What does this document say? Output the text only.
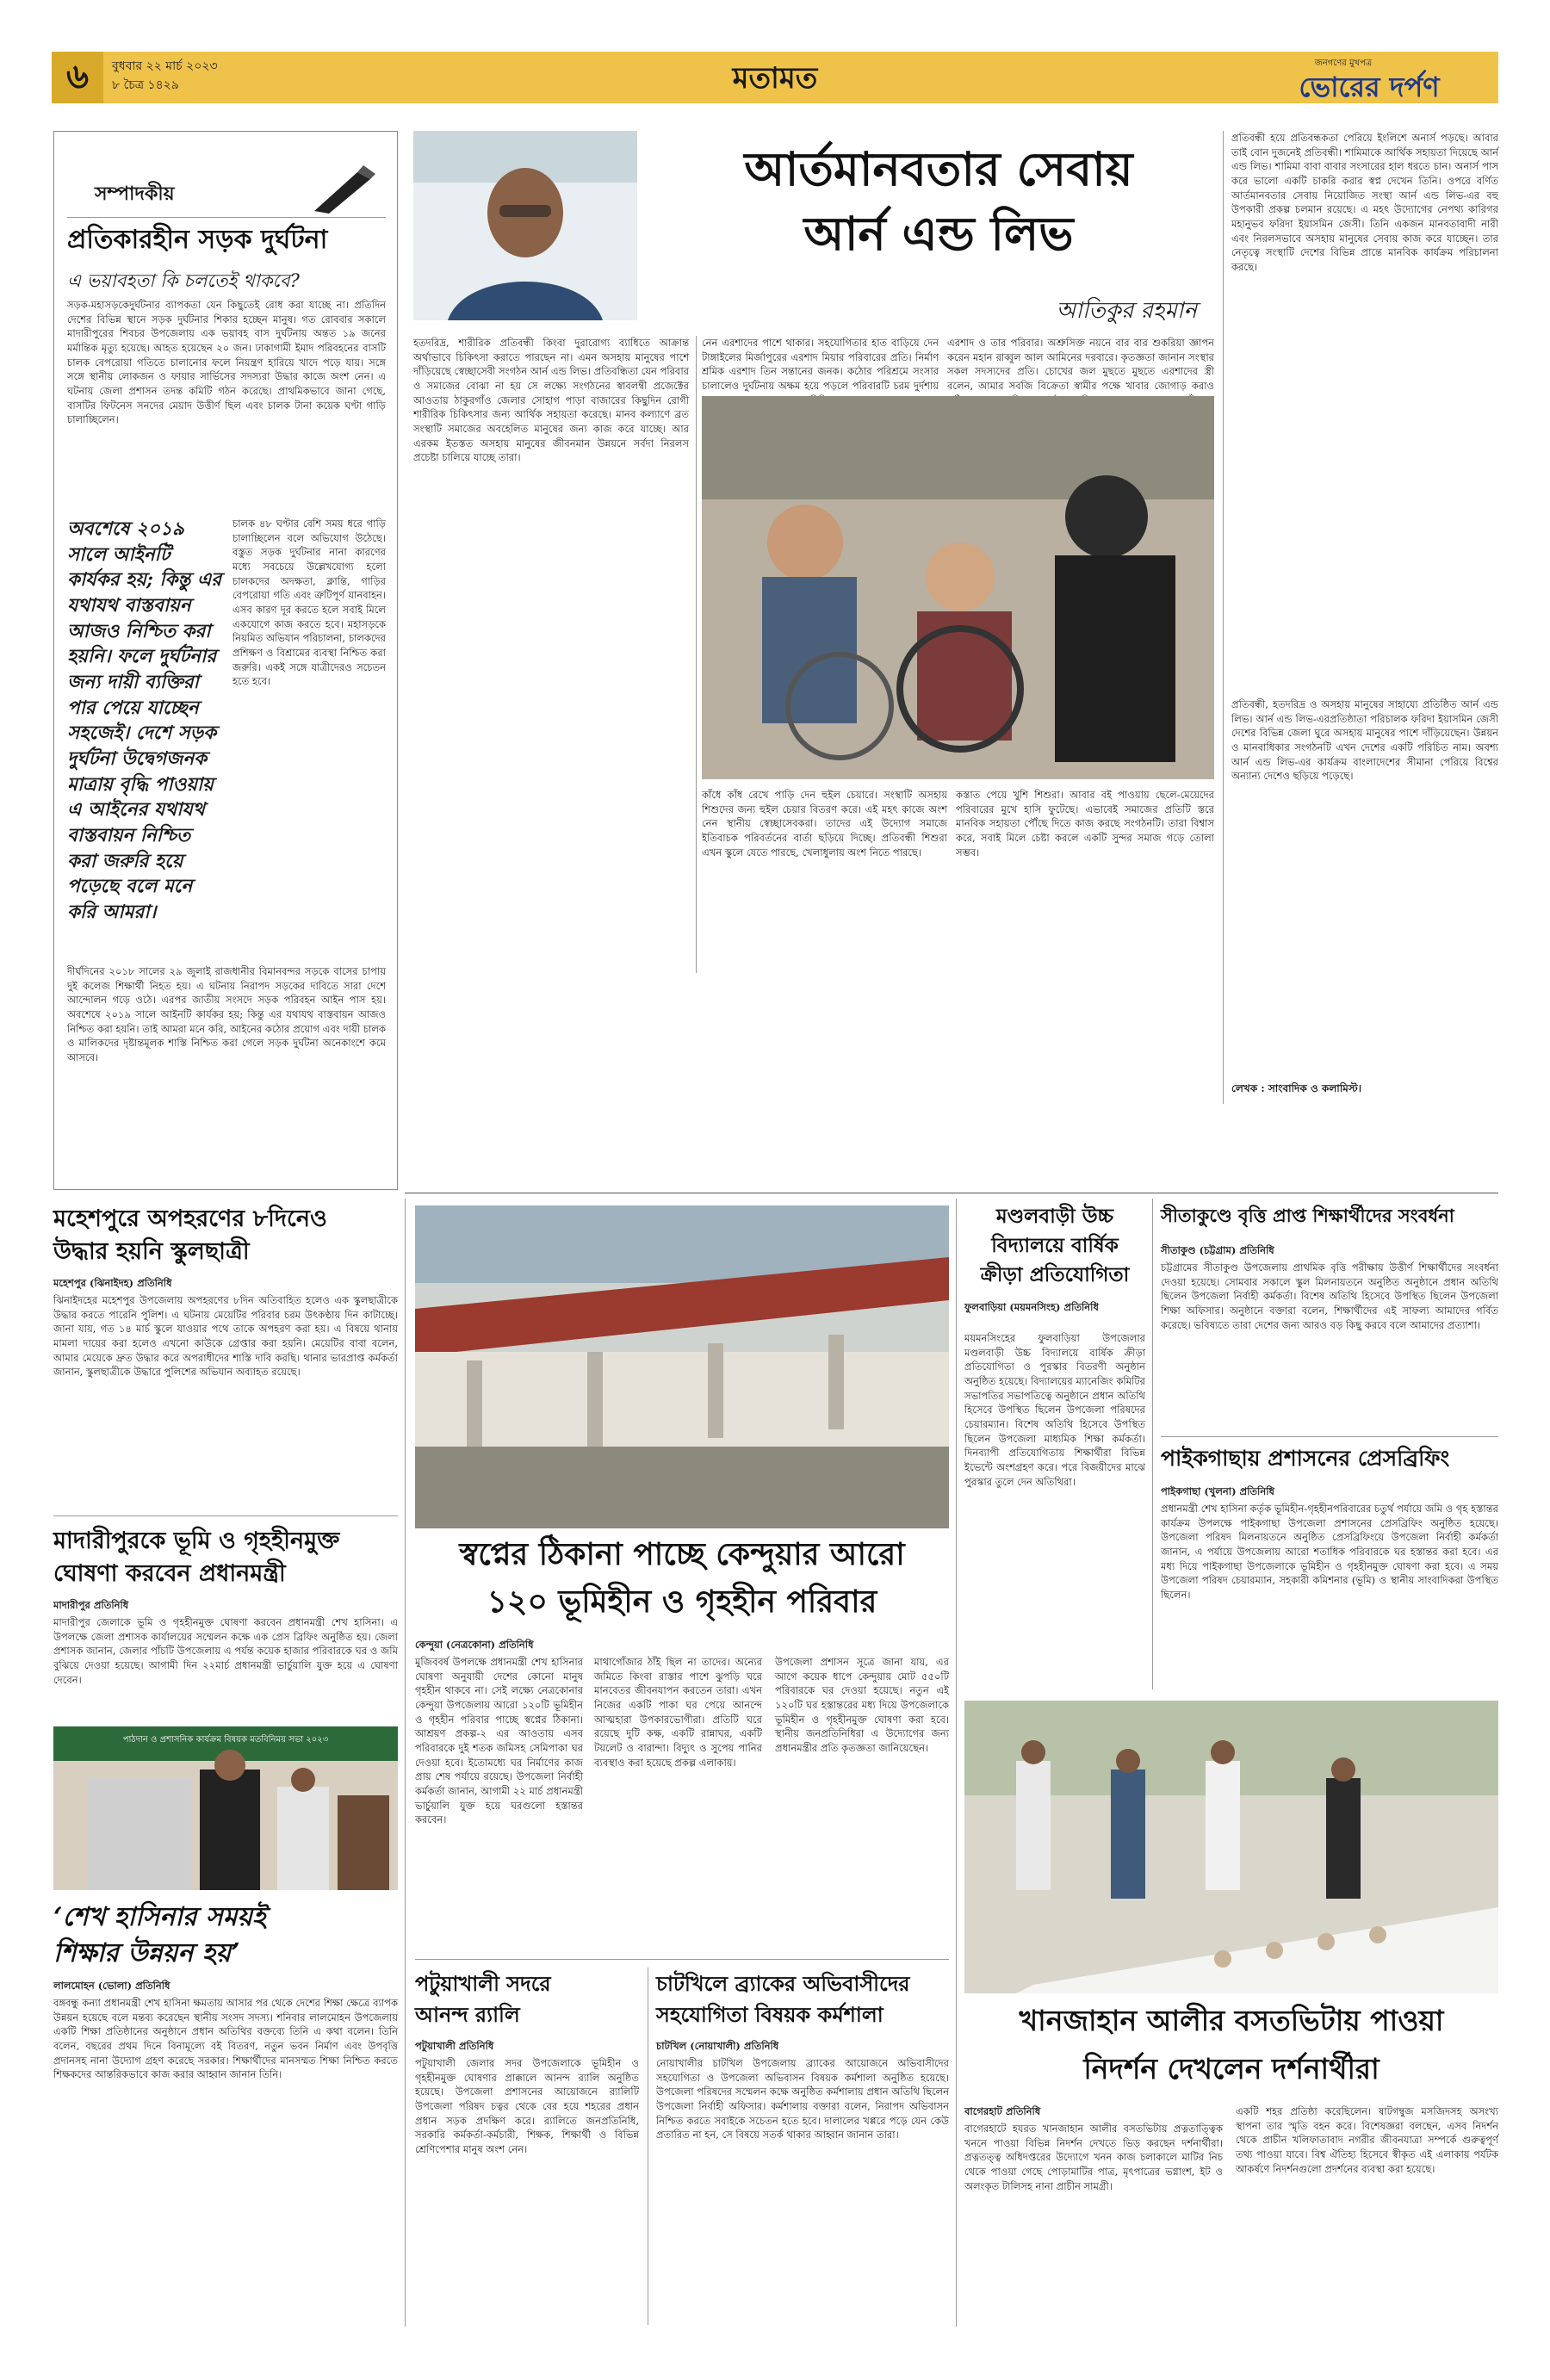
৬ বুধবার ২২ মার্চ ২০২৩
৮ চৈত্র ১৪২৯	মতামত	জনগণের মুখপত্র
ভোরের দর্পণ
সম্পাদকীয়
প্রতিকারহীন সড়ক দুর্ঘটনা
এ ভয়াবহতা কি চলতেই থাকবে?
সড়ক-মহাসড়কেদুর্ঘটনার ব্যাপকতা যেন কিছুতেই রোধ করা যাচ্ছে না। প্রতিদিন দেশের বিভিন্ন স্থানে সড়ক দুর্ঘটনার শিকার হচ্ছেন মানুষ। গত রোববার সকালে মাদারীপুরের শিবচর উপজেলায় এক ভয়াবহ বাস দুর্ঘটনায় অন্তত ১৯ জনের মর্মান্তিক মৃত্যু হয়েছে। আহত হয়েছেন ২০ জন। ঢাকাগামী ইমাদ পরিবহনের বাসটি চালক বেপরোয়া গতিতে চালানোর ফলে নিয়ন্ত্রণ হারিয়ে খাদে পড়ে যায়। সঙ্গে সঙ্গে স্থানীয় লোকজন ও ফায়ার সার্ভিসের সদস্যরা উদ্ধার কাজে অংশ নেন। এ ঘটনায় জেলা প্রশাসন তদন্ত কমিটি গঠন করেছে। প্রাথমিকভাবে জানা গেছে, বাসটির ফিটনেস সনদের মেয়াদ উত্তীর্ণ ছিল এবং চালক টানা কয়েক ঘণ্টা গাড়ি চালাচ্ছিলেন।
অবশেষে ২০১৯ সালে আইনটি কার্যকর হয়; কিন্তু এর যথাযথ বাস্তবায়ন আজও নিশ্চিত করা হয়নি। ফলে দুর্ঘটনার জন্য দায়ী ব্যক্তিরা পার পেয়ে যাচ্ছেন সহজেই। দেশে সড়ক দুর্ঘটনা উদ্বেগজনক মাত্রায় বৃদ্ধি পাওয়ায় এ আইনের যথাযথ বাস্তবায়ন নিশ্চিত করা জরুরি হয়ে পড়েছে বলে মনে করি আমরা।
চালক ৪৮ ঘণ্টার বেশি সময় ধরে গাড়ি চালাচ্ছিলেন বলে অভিযোগ উঠেছে। বস্তুত সড়ক দুর্ঘটনার নানা কারণের মধ্যে সবচেয়ে উল্লেখযোগ্য হলো চালকদের অদক্ষতা, ক্লান্তি, গাড়ির বেপরোয়া গতি এবং ত্রুটিপূর্ণ যানবাহন। এসব কারণ দূর করতে হলে সবাই মিলে একযোগে কাজ করতে হবে। মহাসড়কে নিয়মিত অভিযান পরিচালনা, চালকদের প্রশিক্ষণ ও বিশ্রামের ব্যবস্থা নিশ্চিত করা জরুরি। একই সঙ্গে যাত্রীদেরও সচেতন হতে হবে।
দীর্ঘদিনের ২০১৮ সালের ২৯ জুলাই রাজধানীর বিমানবন্দর সড়কে বাসের চাপায় দুই কলেজ শিক্ষার্থী নিহত হয়। এ ঘটনায় নিরাপদ সড়কের দাবিতে সারা দেশে আন্দোলন গড়ে ওঠে। এরপর জাতীয় সংসদে সড়ক পরিবহন আইন পাস হয়। অবশেষে ২০১৯ সালে আইনটি কার্যকর হয়; কিন্তু এর যথাযথ বাস্তবায়ন আজও নিশ্চিত করা হয়নি। তাই আমরা মনে করি, আইনের কঠোর প্রয়োগ এবং দায়ী চালক ও মালিকদের দৃষ্টান্তমূলক শাস্তি নিশ্চিত করা গেলে সড়ক দুর্ঘটনা অনেকাংশে কমে আসবে।
আর্তমানবতার সেবায়
আর্ন এন্ড লিভ
আতিকুর রহমান
হতদরিদ্র, শারীরিক প্রতিবন্ধী কিংবা দুরারোগ্য ব্যাধিতে আক্রান্ত অর্থাভাবে চিকিৎসা করাতে পারছেন না। এমন অসহায় মানুষের পাশে দাঁড়িয়েছে স্বেচ্ছাসেবী সংগঠন আর্ন এন্ড লিভ। প্রতিবন্ধিতা যেন পরিবার ও সমাজের বোঝা না হয় সে লক্ষ্যে সংগঠনের স্বাবলম্বী প্রজেক্টের আওতায় ঠাকুরগাঁও জেলার সোহাগ পাড়া বাজারের কিছুদিন রোগী শারীরিক চিকিৎসার জন্য আর্থিক সহায়তা করেছে। মানব কল্যাণে ব্রত সংস্থাটি সমাজের অবহেলিত মানুষের জন্য কাজ করে যাচ্ছে। আর এরকম ইতস্তত অসহায় মানুষের জীবনমান উন্নয়নে সর্বদা নিরলস প্রচেষ্টা চালিয়ে যাচ্ছে তারা।
নেন এরশাদের পাশে থাকার। সহযোগিতার হাত বাড়িয়ে দেন টাঙ্গাইলের মির্জাপুরের এরশাদ মিয়ার পরিবারের প্রতি। নির্মাণ শ্রমিক এরশাদ তিন সন্তানের জনক। কঠোর পরিশ্রমে সংসার চালালেও দুর্ঘটনায় অক্ষম হয়ে পড়লে পরিবারটি চরম দুর্দশায়
এরশাদ ও তার পরিবার। অশ্রুসিক্ত নয়নে বার বার শুকরিয়া জ্ঞাপন করেন মহান রাব্বুল আল আমিনের দরবারে। কৃতজ্ঞতা জানান সংস্থার সকল সদস্যদের প্রতি। চোখের জল মুছতে মুছতে এরশাদের স্ত্রী বলেন, আমার সবজি বিক্রেতা স্বামীর পক্ষে খাবার জোগাড় করাও
কাঁধে কাঁধ রেখে পাড়ি দেন হুইল চেয়ারে। সংস্থাটি অসহায় শিশুদের জন্য হুইল চেয়ার বিতরণ করে। এই মহৎ কাজে অংশ নেন স্থানীয় স্বেচ্ছাসেবকরা। তাদের এই উদ্যোগ সমাজে ইতিবাচক পরিবর্তনের বার্তা ছড়িয়ে দিচ্ছে। প্রতিবন্ধী শিশুরা এখন স্কুলে যেতে পারছে, খেলাধুলায় অংশ নিতে পারছে।
কস্তাত পেয়ে খুশি শিশুরা। আবার বই পাওয়ায় ছেলে-মেয়েদের পরিবারের মুখে হাসি ফুটেছে। এভাবেই সমাজের প্রতিটি স্তরে মানবিক সহায়তা পৌঁছে দিতে কাজ করছে সংগঠনটি। তারা বিশ্বাস করে, সবাই মিলে চেষ্টা করলে একটি সুন্দর সমাজ গড়ে তোলা সম্ভব।
প্রতিবন্ধী হয়ে প্রতিবন্ধকতা পেরিয়ে ইংলিশে অনার্স পড়ছে। আবার তাই বোন দুজনেই প্রতিবন্ধী। শামিমাকে আর্থিক সহায়তা দিয়েছে আর্ন এন্ড লিভ। শামিমা বাবা বাবার সংসারের হাল ধরতে চান। অনার্স পাস করে ভালো একটি চাকরি করার স্বপ্ন দেখেন তিনি। ওপরে বর্ণিত আর্তমানবতার সেবায় নিয়োজিত সংস্থা আর্ন এন্ড লিভ-এর বহু উপকারী প্রকল্প চলমান রয়েছে। এ মহৎ উদ্যোগের নেপথ্য কারিগর মহানুভব ফরিদা ইয়াসমিন জেসী। তিনি একজন মানবতাবাদী নারী এবং নিরলসভাবে অসহায় মানুষের সেবায় কাজ করে যাচ্ছেন। তার নেতৃত্বে সংস্থাটি দেশের বিভিন্ন প্রান্তে মানবিক কার্যক্রম পরিচালনা করছে।
প্রতিবন্ধী, হতদরিদ্র ও অসহায় মানুষের সাহায্যে প্রতিষ্ঠিত আর্ন এন্ড লিভ। আর্ন এন্ড লিভ-এরপ্রতিষ্ঠাতা পরিচালক ফরিদা ইয়াসমিন জেসী দেশের বিভিন্ন জেলা ঘুরে অসহায় মানুষের পাশে দাঁড়িয়েছেন। উন্নয়ন ও মানবাধিকার সংগঠনটি এখন দেশের একটি পরিচিত নাম। অবশ্য আর্ন এন্ড লিভ-এর কার্যক্রম বাংলাদেশের সীমানা পেরিয়ে বিশ্বের অন্যান্য দেশেও ছড়িয়ে পড়েছে।
লেখক : সাংবাদিক ও কলামিস্ট।
মহেশপুরে অপহরণের ৮দিনেও
উদ্ধার হয়নি স্কুলছাত্রী
মহেশপুর (ঝিনাইদহ) প্রতিনিধি
ঝিনাইদহের মহেশপুর উপজেলায় অপহরণের ৮দিন অতিবাহিত হলেও এক স্কুলছাত্রীকে উদ্ধার করতে পারেনি পুলিশ। এ ঘটনায় মেয়েটির পরিবার চরম উৎকণ্ঠায় দিন কাটাচ্ছে। জানা যায়, গত ১৪ মার্চ স্কুলে যাওয়ার পথে তাকে অপহরণ করা হয়। এ বিষয়ে থানায় মামলা দায়ের করা হলেও এখনো কাউকে গ্রেপ্তার করা হয়নি। মেয়েটির বাবা বলেন, আমার মেয়েকে দ্রুত উদ্ধার করে অপরাধীদের শাস্তি দাবি করছি। থানার ভারপ্রাপ্ত কর্মকর্তা জানান, স্কুলছাত্রীকে উদ্ধারে পুলিশের অভিযান অব্যাহত রয়েছে।
মাদারীপুরকে ভূমি ও গৃহহীনমুক্ত
ঘোষণা করবেন প্রধানমন্ত্রী
মাদারীপুর প্রতিনিধি
মাদারীপুর জেলাকে ভূমি ও গৃহহীনমুক্ত ঘোষণা করবেন প্রধানমন্ত্রী শেখ হাসিনা। এ উপলক্ষে জেলা প্রশাসক কার্যালয়ের সম্মেলন কক্ষে এক প্রেস ব্রিফিং অনুষ্ঠিত হয়। জেলা প্রশাসক জানান, জেলার পাঁচটি উপজেলায় এ পর্যন্ত কয়েক হাজার পরিবারকে ঘর ও জমি বুঝিয়ে দেওয়া হয়েছে। আগামী দিন ২২মার্চ প্রধানমন্ত্রী ভার্চুয়ালি যুক্ত হয়ে এ ঘোষণা দেবেন।
পাঠদান ও প্রশাসনিক কার্যক্রম বিষয়ক মতবিনিময় সভা ২০২৩
‘শেখ হাসিনার সময়ই
শিক্ষার উন্নয়ন হয়’
লালমোহন (ভোলা) প্রতিনিধি
বঙ্গবন্ধু কন্যা প্রধানমন্ত্রী শেখ হাসিনা ক্ষমতায় আসার পর থেকে দেশের শিক্ষা ক্ষেত্রে ব্যাপক উন্নয়ন হয়েছে বলে মন্তব্য করেছেন স্থানীয় সংসদ সদস্য। শনিবার লালমোহন উপজেলায় একটি শিক্ষা প্রতিষ্ঠানের অনুষ্ঠানে প্রধান অতিথির বক্তব্যে তিনি এ কথা বলেন। তিনি বলেন, বছরের প্রথম দিনে বিনামূল্যে বই বিতরণ, নতুন ভবন নির্মাণ এবং উপবৃত্তি প্রদানসহ নানা উদ্যোগ গ্রহণ করেছে সরকার। শিক্ষার্থীদের মানসম্মত শিক্ষা নিশ্চিত করতে শিক্ষকদের আন্তরিকভাবে কাজ করার আহ্বান জানান তিনি।
স্বপ্নের ঠিকানা পাচ্ছে কেন্দুয়ার আরো
১২০ ভূমিহীন ও গৃহহীন পরিবার
কেন্দুয়া (নেত্রকোনা) প্রতিনিধি
মুজিববর্ষ উপলক্ষে প্রধানমন্ত্রী শেখ হাসিনার ঘোষণা অনুযায়ী দেশের কোনো মানুষ গৃহহীন থাকবে না। সেই লক্ষ্যে নেত্রকোনার কেন্দুয়া উপজেলায় আরো ১২০টি ভূমিহীন ও গৃহহীন পরিবার পাচ্ছে স্বপ্নের ঠিকানা। আশ্রয়ণ প্রকল্প-২ এর আওতায় এসব পরিবারকে দুই শতক জমিসহ সেমিপাকা ঘর দেওয়া হবে। ইতোমধ্যে ঘর নির্মাণের কাজ প্রায় শেষ পর্যায়ে রয়েছে। উপজেলা নির্বাহী কর্মকর্তা জানান, আগামী ২২ মার্চ প্রধানমন্ত্রী ভার্চুয়ালি যুক্ত হয়ে ঘরগুলো হস্তান্তর করবেন।
মাথাগোঁজার ঠাঁই ছিল না তাদের। অন্যের জমিতে কিংবা রাস্তার পাশে ঝুপড়ি ঘরে মানবেতর জীবনযাপন করতেন তারা। এখন নিজের একটি পাকা ঘর পেয়ে আনন্দে আত্মহারা উপকারভোগীরা। প্রতিটি ঘরে রয়েছে দুটি কক্ষ, একটি রান্নাঘর, একটি টয়লেট ও বারান্দা। বিদ্যুৎ ও সুপেয় পানির ব্যবস্থাও করা হয়েছে প্রকল্প এলাকায়।
উপজেলা প্রশাসন সূত্রে জানা যায়, এর আগে কয়েক ধাপে কেন্দুয়ায় মোট ৫৫০টি পরিবারকে ঘর দেওয়া হয়েছে। নতুন এই ১২০টি ঘর হস্তান্তরের মধ্য দিয়ে উপজেলাকে ভূমিহীন ও গৃহহীনমুক্ত ঘোষণা করা হবে। স্থানীয় জনপ্রতিনিধিরা এ উদ্যোগের জন্য প্রধানমন্ত্রীর প্রতি কৃতজ্ঞতা জানিয়েছেন।
পটুয়াখালী সদরে
আনন্দ র‌্যালি
পটুয়াখালী প্রতিনিধি
পটুয়াখালী জেলার সদর উপজেলাকে ভূমিহীন ও গৃহহীনমুক্ত ঘোষণার প্রাক্কালে আনন্দ র‌্যালি অনুষ্ঠিত হয়েছে। উপজেলা প্রশাসনের আয়োজনে র‌্যালিটি উপজেলা পরিষদ চত্বর থেকে বের হয়ে শহরের প্রধান প্রধান সড়ক প্রদক্ষিণ করে। র‌্যালিতে জনপ্রতিনিধি, সরকারি কর্মকর্তা-কর্মচারী, শিক্ষক, শিক্ষার্থী ও বিভিন্ন শ্রেণিপেশার মানুষ অংশ নেন।
চাটখিলে ব্র্যাকের অভিবাসীদের
সহযোগিতা বিষয়ক কর্মশালা
চাটখিল (নোয়াখালী) প্রতিনিধি
নোয়াখালীর চাটখিল উপজেলায় ব্র্যাকের আয়োজনে অভিবাসীদের সহযোগিতা ও উপজেলা অভিবাসন বিষয়ক কর্মশালা অনুষ্ঠিত হয়েছে। উপজেলা পরিষদের সম্মেলন কক্ষে অনুষ্ঠিত কর্মশালায় প্রধান অতিথি ছিলেন উপজেলা নির্বাহী অফিসার। কর্মশালায় বক্তারা বলেন, নিরাপদ অভিবাসন নিশ্চিত করতে সবাইকে সচেতন হতে হবে। দালালের খপ্পরে পড়ে যেন কেউ প্রতারিত না হন, সে বিষয়ে সতর্ক থাকার আহ্বান জানান তারা।
মণ্ডলবাড়ী উচ্চ
বিদ্যালয়ে বার্ষিক
ক্রীড়া প্রতিযোগিতা
ফুলবাড়িয়া (ময়মনসিংহ) প্রতিনিধি
ময়মনসিংহের ফুলবাড়িয়া উপজেলার মণ্ডলবাড়ী উচ্চ বিদ্যালয়ে বার্ষিক ক্রীড়া প্রতিযোগিতা ও পুরস্কার বিতরণী অনুষ্ঠান অনুষ্ঠিত হয়েছে। বিদ্যালয়ের ম্যানেজিং কমিটির সভাপতির সভাপতিত্বে অনুষ্ঠানে প্রধান অতিথি হিসেবে উপস্থিত ছিলেন উপজেলা পরিষদের চেয়ারম্যান। বিশেষ অতিথি হিসেবে উপস্থিত ছিলেন উপজেলা মাধ্যমিক শিক্ষা কর্মকর্তা। দিনব্যাপী প্রতিযোগিতায় শিক্ষার্থীরা বিভিন্ন ইভেন্টে অংশগ্রহণ করে। পরে বিজয়ীদের মাঝে পুরস্কার তুলে দেন অতিথিরা।
সীতাকুণ্ডে বৃত্তি প্রাপ্ত শিক্ষার্থীদের সংবর্ধনা
সীতাকুণ্ড (চট্টগ্রাম) প্রতিনিধি
চট্টগ্রামের সীতাকুণ্ড উপজেলায় প্রাথমিক বৃত্তি পরীক্ষায় উত্তীর্ণ শিক্ষার্থীদের সংবর্ধনা দেওয়া হয়েছে। সোমবার সকালে স্কুল মিলনায়তনে অনুষ্ঠিত অনুষ্ঠানে প্রধান অতিথি ছিলেন উপজেলা নির্বাহী কর্মকর্তা। বিশেষ অতিথি হিসেবে উপস্থিত ছিলেন উপজেলা শিক্ষা অফিসার। অনুষ্ঠানে বক্তারা বলেন, শিক্ষার্থীদের এই সাফল্য আমাদের গর্বিত করেছে। ভবিষ্যতে তারা দেশের জন্য আরও বড় কিছু করবে বলে আমাদের প্রত্যাশা।
পাইকগাছায় প্রশাসনের প্রেসব্রিফিং
পাইকগাছা (খুলনা) প্রতিনিধি
প্রধানমন্ত্রী শেখ হাসিনা কর্তৃক ভূমিহীন-গৃহহীনপরিবারের চতুর্থ পর্যায়ে জমি ও গৃহ হস্তান্তর কার্যক্রম উপলক্ষে পাইকগাছা উপজেলা প্রশাসনের প্রেসব্রিফিং অনুষ্ঠিত হয়েছে। উপজেলা পরিষদ মিলনায়তনে অনুষ্ঠিত প্রেসব্রিফিংয়ে উপজেলা নির্বাহী কর্মকর্তা জানান, এ পর্যায়ে উপজেলায় আরো শতাধিক পরিবারকে ঘর হস্তান্তর করা হবে। এর মধ্য দিয়ে পাইকগাছা উপজেলাকে ভূমিহীন ও গৃহহীনমুক্ত ঘোষণা করা হবে। এ সময় উপজেলা পরিষদ চেয়ারম্যান, সহকারী কমিশনার (ভূমি) ও স্থানীয় সাংবাদিকরা উপস্থিত ছিলেন।
খানজাহান আলীর বসতভিটায় পাওয়া
নিদর্শন দেখলেন দর্শনার্থীরা
বাগেরহাট প্রতিনিধি
বাগেরহাটে হযরত খানজাহান আলীর বসতভিটায় প্রত্নতাত্ত্বিক খননে পাওয়া বিভিন্ন নিদর্শন দেখতে ভিড় করছেন দর্শনার্থীরা। প্রত্নতত্ত্ব অধিদপ্তরের উদ্যোগে খনন কাজ চলাকালে মাটির নিচ থেকে পাওয়া গেছে পোড়ামাটির পাত্র, মৃৎপাত্রের ভগ্নাংশ, ইট ও অলংকৃত টালিসহ নানা প্রাচীন সামগ্রী।
একটি শহর প্রতিষ্ঠা করেছিলেন। ষাটগম্বুজ মসজিদসহ অসংখ্য স্থাপনা তার স্মৃতি বহন করে। বিশেষজ্ঞরা বলছেন, এসব নিদর্শন থেকে প্রাচীন খলিফাতাবাদ নগরীর জীবনযাত্রা সম্পর্কে গুরুত্বপূর্ণ তথ্য পাওয়া যাবে। বিশ্ব ঐতিহ্য হিসেবে স্বীকৃত এই এলাকায় পর্যটক আকর্ষণে নিদর্শনগুলো প্রদর্শনের ব্যবস্থা করা হয়েছে।
